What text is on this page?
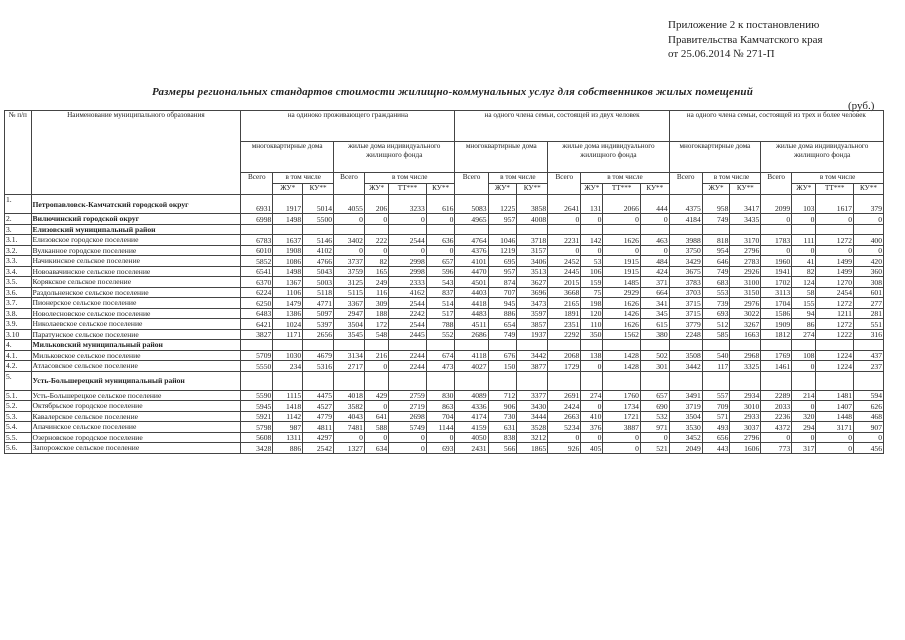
Приложение 2 к постановлению
Правительства Камчатского края
от 25.06.2014 № 271-П
Размеры региональных стандартов стоимости жилищно-коммунальных услуг для собственников жилых помещений
(руб.)
№ п/п	Наименование муниципального образования	на одиноко проживающего гражданина							на одного члена семьи, состоящей из двух человек							на одного члена семьи, состоящей из трех и более человек						
		многоквартирные дома			жилые дома индивидуального жилищного фонда				многоквартирные дома			жилые дома индивидуального жилищного фонда				многоквартирные дома			жилые дома индивидуального жилищного фонда			
		Всего	в том числе		Всего	в том числе			Всего	в том числе		Всего	в том числе			Всего	в том числе		Всего	в том числе		
			ЖУ*	КУ**		ЖУ*	ТТ***	КУ**		ЖУ*	КУ**		ЖУ*	ТТ***	КУ**		ЖУ*	КУ**		ЖУ*	ТТ***	КУ**
1.	Петропавловск-Камчатский городской округ	6931	1917	5014	4055	206	3233	616	5083	1225	3858	2641	131	2066	444	4375	958	3417	2099	103	1617	379
2.	Вилючинский городской округ	6998	1498	5500	0	0	0	0	4965	957	4008	0	0	0	0	4184	749	3435	0	0	0	0
3.	Елизовский муниципальный район																					
3.1.	Елизовское городское поселение	6783	1637	5146	3402	222	2544	636	4764	1046	3718	2231	142	1626	463	3988	818	3170	1783	111	1272	400
3.2.	Вулканное городское поселение	6010	1908	4102	0	0	0	0	4376	1219	3157	0	0	0	0	3750	954	2796	0	0	0	0
3.3.	Начикинское сельское поселение	5852	1086	4766	3737	82	2998	657	4101	695	3406	2452	53	1915	484	3429	646	2783	1960	41	1499	420
3.4.	Новоавачинское сельское поселение	6541	1498	5043	3759	165	2998	596	4470	957	3513	2445	106	1915	424	3675	749	2926	1941	82	1499	360
3.5.	Корякское сельское поселение	6370	1367	5003	3125	249	2333	543	4501	874	3627	2015	159	1485	371	3783	683	3100	1702	124	1270	308
3.6.	Раздольненское сельское поселение	6224	1106	5118	5115	116	4162	837	4403	707	3696	3668	75	2929	664	3703	553	3150	3113	58	2454	601
3.7.	Пионерское сельское поселение	6250	1479	4771	3367	309	2544	514	4418	945	3473	2165	198	1626	341	3715	739	2976	1704	155	1272	277
3.8.	Новолесновское сельское поселение	6483	1386	5097	2947	188	2242	517	4483	886	3597	1891	120	1426	345	3715	693	3022	1586	94	1211	281
3.9.	Николаевское сельское поселение	6421	1024	5397	3504	172	2544	788	4511	654	3857	2351	110	1626	615	3779	512	3267	1909	86	1272	551
3.10	Паратунское сельское поселение	3827	1171	2656	3545	548	2445	552	2686	749	1937	2292	350	1562	380	2248	585	1663	1812	274	1222	316
4.	Мильковский муниципальный район																					
4.1.	Мильковское сельское поселение	5709	1030	4679	3134	216	2244	674	4118	676	3442	2068	138	1428	502	3508	540	2968	1769	108	1224	437
4.2.	Атласовское сельское поселение	5550	234	5316	2717	0	2244	473	4027	150	3877	1729	0	1428	301	3442	117	3325	1461	0	1224	237
5.	Усть-Большерецкий муниципальный район																					
5.1.	Усть-Большерецкое сельское поселение	5590	1115	4475	4018	429	2759	830	4089	712	3377	2691	274	1760	657	3491	557	2934	2289	214	1481	594
5.2.	Октябрьское городское поселение	5945	1418	4527	3582	0	2719	863	4336	906	3430	2424	0	1734	690	3719	709	3010	2033	0	1407	626
5.3.	Кавалерское сельское поселение	5921	1142	4779	4043	641	2698	704	4174	730	3444	2663	410	1721	532	3504	571	2933	2236	320	1448	468
5.4.	Апачинское сельское поселение	5798	987	4811	7481	588	5749	1144	4159	631	3528	5234	376	3887	971	3530	493	3037	4372	294	3171	907
5.5.	Озерновское городское поселение	5608	1311	4297	0	0	0	0	4050	838	3212	0	0	0	0	3452	656	2796	0	0	0	0
5.6.	Запорожское сельское поселение	3428	886	2542	1327	634	0	693	2431	566	1865	926	405	0	521	2049	443	1606	773	317	0	456
